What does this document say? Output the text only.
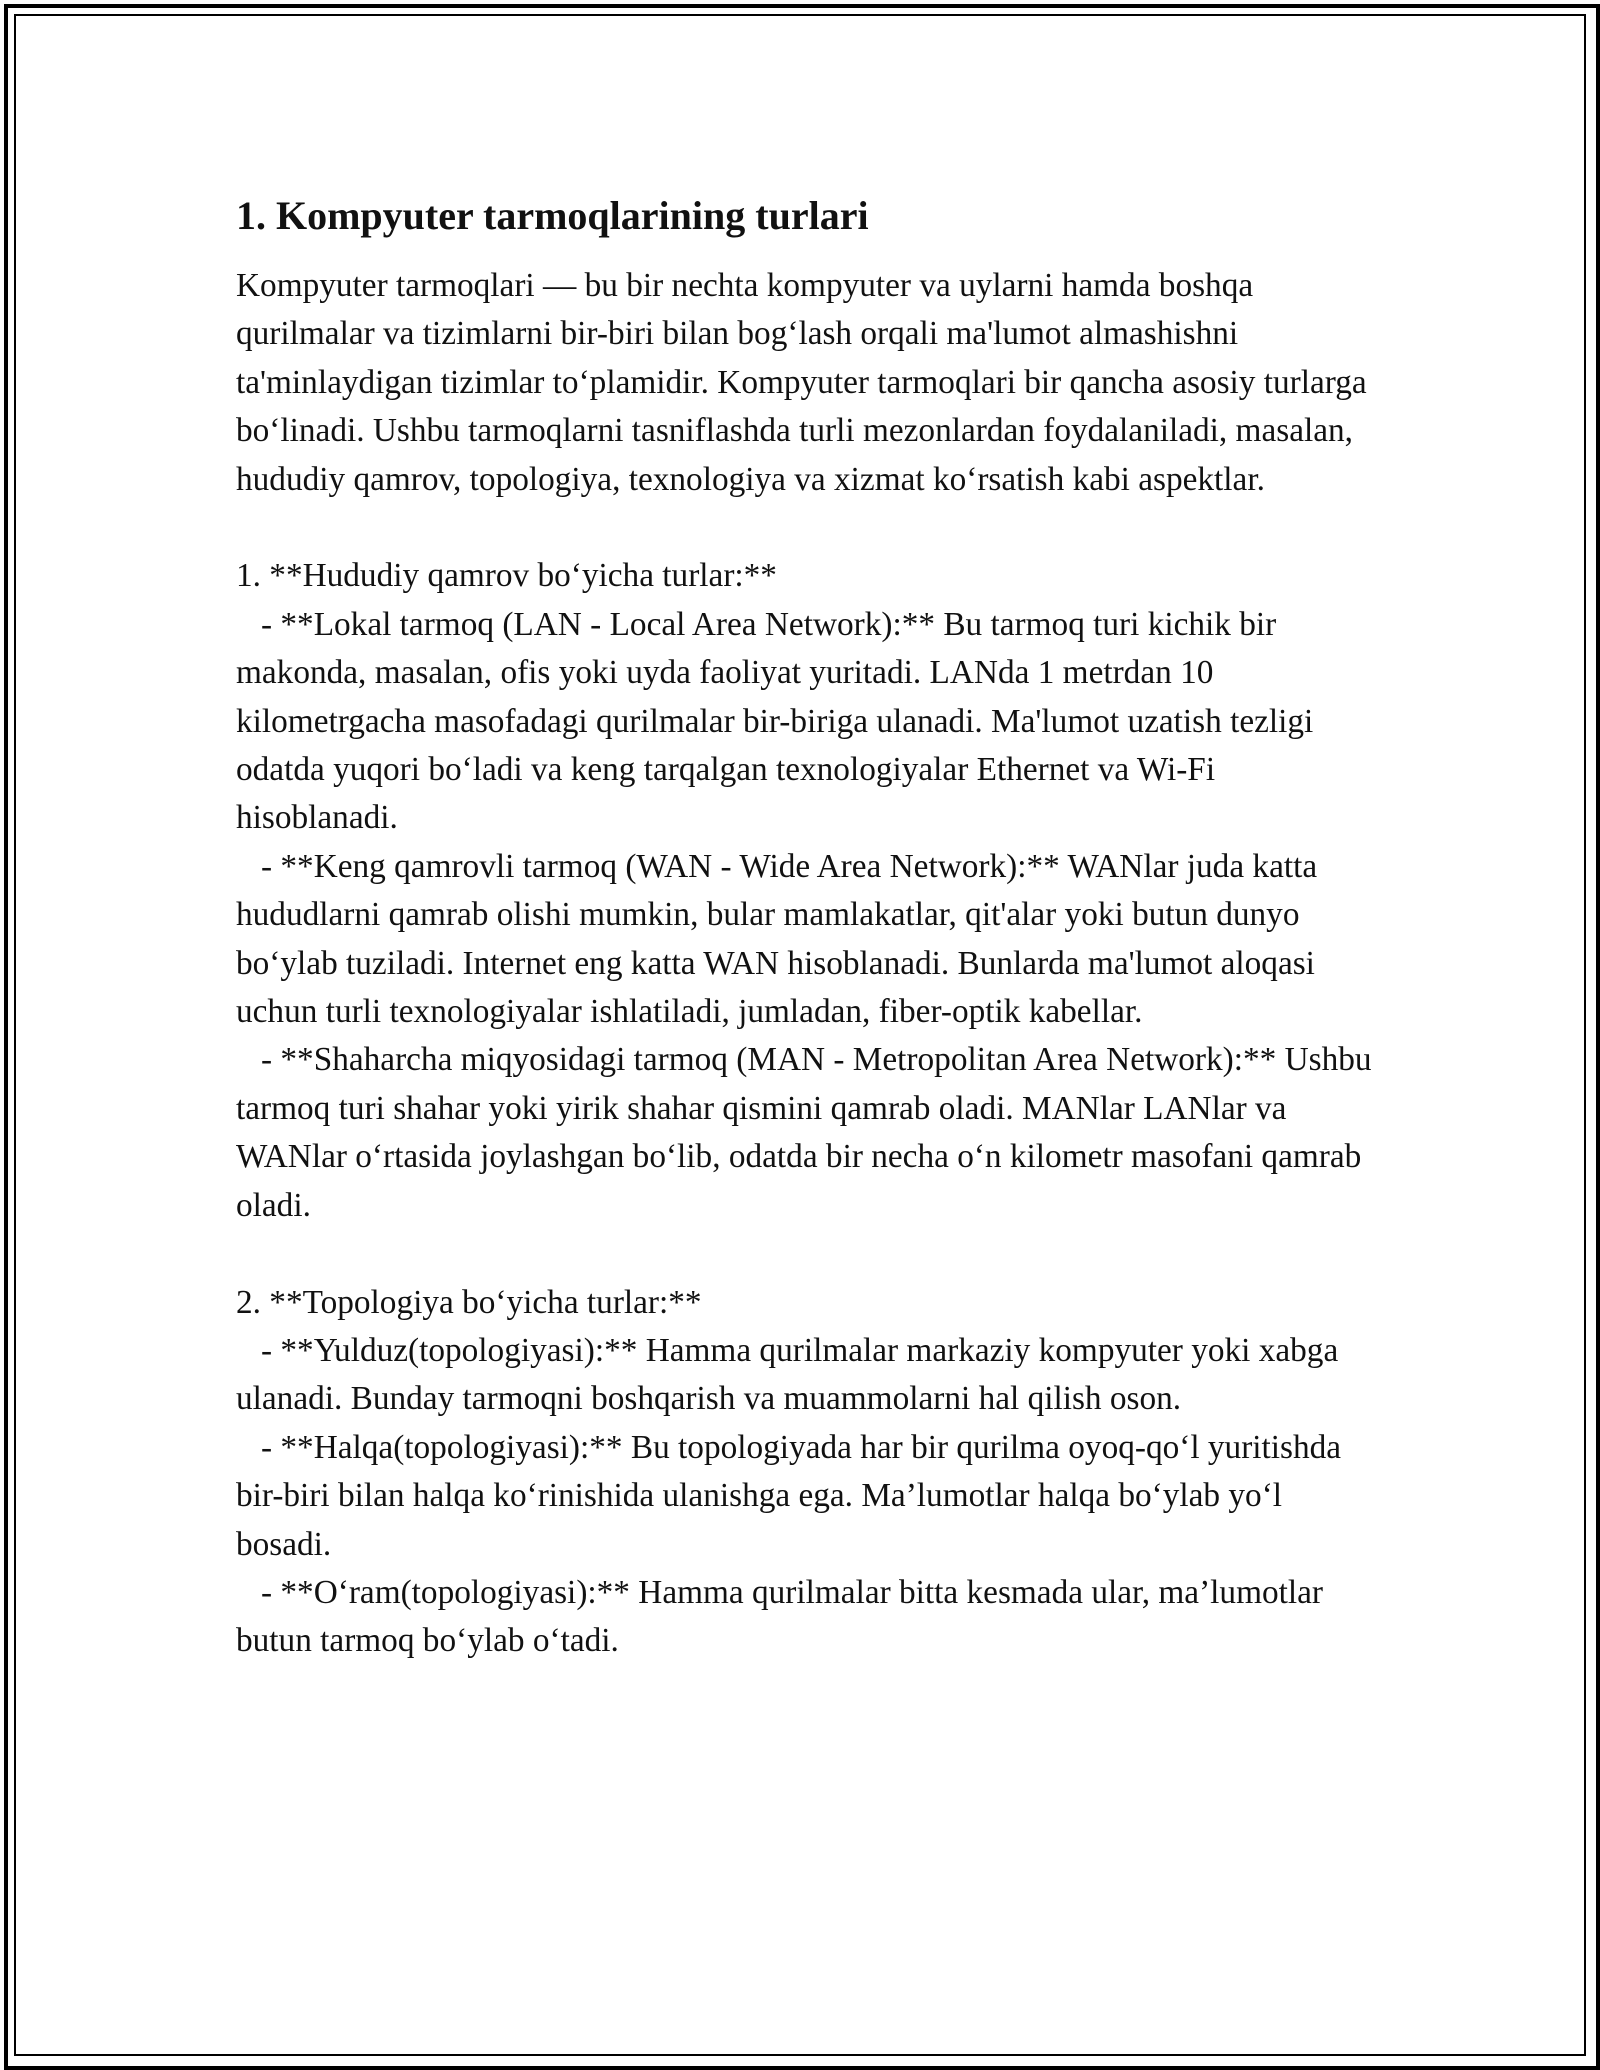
1. Kompyuter tarmoqlarining turlari

Kompyuter tarmoqlari — bu bir nechta kompyuter va uylarni hamda boshqa qurilmalar va tizimlarni bir-biri bilan bog‘lash orqali ma'lumot almashishni ta'minlaydigan tizimlar to‘plamidir. Kompyuter tarmoqlari bir qancha asosiy turlarga bo‘linadi. Ushbu tarmoqlarni tasniflashda turli mezonlardan foydalaniladi, masalan, hududiy qamrov, topologiya, texnologiya va xizmat ko‘rsatish kabi aspektlar.

1. **Hududiy qamrov bo‘yicha turlar:**

- **Lokal tarmoq (LAN - Local Area Network):** Bu tarmoq turi kichik bir makonda, masalan, ofis yoki uyda faoliyat yuritadi. LANda 1 metrdan 10 kilometrgacha masofadagi qurilmalar bir-biriga ulanadi. Ma'lumot uzatish tezligi odatda yuqori bo‘ladi va keng tarqalgan texnologiyalar Ethernet va Wi-Fi hisoblanadi.

- **Keng qamrovli tarmoq (WAN - Wide Area Network):** WANlar juda katta hududlarni qamrab olishi mumkin, bular mamlakatlar, qit'alar yoki butun dunyo bo‘ylab tuziladi. Internet eng katta WAN hisoblanadi. Bunlarda ma'lumot aloqasi uchun turli texnologiyalar ishlatiladi, jumladan, fiber-optik kabellar.

- **Shaharcha miqyosidagi tarmoq (MAN - Metropolitan Area Network):** Ushbu tarmoq turi shahar yoki yirik shahar qismini qamrab oladi. MANlar LANlar va WANlar o‘rtasida joylashgan bo‘lib, odatda bir necha o‘n kilometr masofani qamrab oladi.

2. **Topologiya bo‘yicha turlar:**

- **Yulduz(topologiyasi):** Hamma qurilmalar markaziy kompyuter yoki xabga ulanadi. Bunday tarmoqni boshqarish va muammolarni hal qilish oson.

- **Halqa(topologiyasi):** Bu topologiyada har bir qurilma oyoq-qo‘l yuritishda bir-biri bilan halqa ko‘rinishida ulanishga ega. Ma’lumotlar halqa bo‘ylab yo‘l bosadi.

- **O‘ram(topologiyasi):** Hamma qurilmalar bitta kesmada ular, ma’lumotlar butun tarmoq bo‘ylab o‘tadi.
